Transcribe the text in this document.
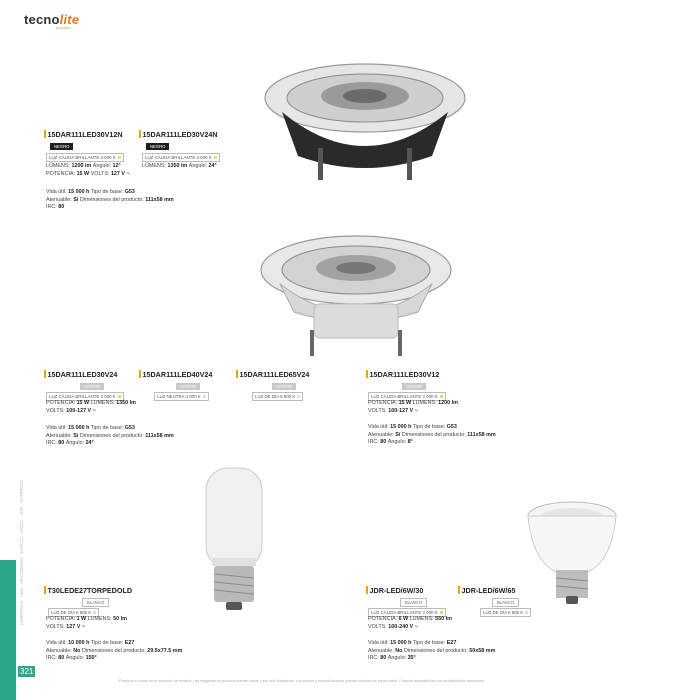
tecnolite
iluminación
15DAR111LED30V12N
NEGRO
LUZ CÁLIDA BRILLANTE 3 000 K
LÚMENS: 1200 lm Ángulo: 12°
POTENCIA: 15 W VOLTS: 127 V ~
15DAR111LED30V24N
NEGRO
LUZ CÁLIDA BRILLANTE 3 000 K
LÚMENS: 1350 lm Ángulo: 24°
Vida útil: 15 000 h Tipo de base: G53
Atenuable: Sí Dimensiones del producto: 111x58 mm
IRC: 80
15DAR111LED30V24
CROMO
LUZ CÁLIDA BRILLANTE 3 000 K
POTENCIA: 15 W LUMENS: 1350 lm
VOLTS: 100-127 V ~
15DAR111LED40V24
CROMO
LUZ NEUTRA 4 000 K
15DAR111LED65V24
CROMO
LUZ DE DÍA 6 500 K
Vida útil: 15 000 h Tipo de base: G53
Atenuable: Sí Dimensiones del producto: 111x58 mm
IRC: 80 Ángulo: 24°
15DAR111LED30V12
CROMO
LUZ CÁLIDA BRILLANTE 3 000 K
POTENCIA: 15 W LUMENS: 1200 lm
VOLTS: 100-127 V ~
Vida útil: 15 000 h Tipo de base: G53
Atenuable: Sí Dimensiones del producto: 111x58 mm
IRC: 80 Ángulo: 8°
T30LEDE27TORPEDOLD
BLANCO
LUZ DE DÍA 6 500 K
POTENCIA: 1 W LUMENS: 50 lm
VOLTS: 127 V ~
Vida útil: 10 000 h Tipo de base: E27
Atenuable: No Dimensiones del producto: 29.5x77.5 mm
IRC: 80 Ángulo: 150°
JDR-LED/6W/30
BLANCO
LUZ CÁLIDA BRILLANTE 3 000 K
POTENCIA: 6 W LUMENS: 550 lm
VOLTS: 100-240 V ~
Vida útil: 15 000 h Tipo de base: E27
Atenuable: No Dimensiones del producto: 50x58 mm
IRC: 80 Ángulo: 35°
JDR-LED/6W/65
BLANCO
LUZ DE DÍA 6 500 K
LÁMPARAS · LED · HALÓGENO · DAR111 · AR111 · JDR · TORPEDO
321
*Producto en stock en el momento de emisión. Las imágenes de producto pueden variar y son solo ilustrativas. Los precios y especificaciones pueden cambiar sin previo aviso. Consulte disponibilidad con su distribuidor autorizado.
